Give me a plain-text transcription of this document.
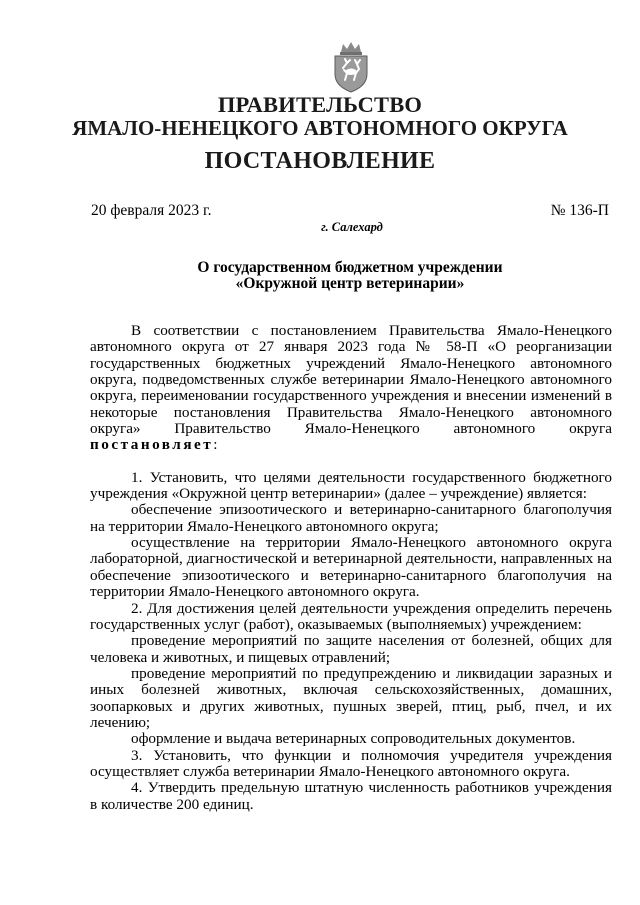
ПРАВИТЕЛЬСТВО
ЯМАЛО-НЕНЕЦКОГО АВТОНОМНОГО ОКРУГА
ПОСТАНОВЛЕНИЕ
20 февраля 2023 г.	№ 136-П
г. Салехард
О государственном бюджетном учреждении
«Окружной центр ветеринарии»

В соответствии с постановлением Правительства Ямало-Ненецкого автономного округа от 27 января 2023 года № 58-П «О реорганизации государственных бюджетных учреждений Ямало-Ненецкого автономного округа, подведомственных службе ветеринарии Ямало-Ненецкого автономного округа, переименовании государственного учреждения и внесении изменений в некоторые постановления Правительства Ямало-Ненецкого автономного округа» Правительство Ямало-Ненецкого автономного округа постановляет:

1. Установить, что целями деятельности государственного бюджетного учреждения «Окружной центр ветеринарии» (далее – учреждение) является:

обеспечение эпизоотического и ветеринарно-санитарного благополучия на территории Ямало-Ненецкого автономного округа;

осуществление на территории Ямало-Ненецкого автономного округа лабораторной, диагностической и ветеринарной деятельности, направленных на обеспечение эпизоотического и ветеринарно-санитарного благополучия на территории Ямало-Ненецкого автономного округа.

2. Для достижения целей деятельности учреждения определить перечень государственных услуг (работ), оказываемых (выполняемых) учреждением:

проведение мероприятий по защите населения от болезней, общих для человека и животных, и пищевых отравлений;

проведение мероприятий по предупреждению и ликвидации заразных и иных болезней животных, включая сельскохозяйственных, домашних, зоопарковых и других животных, пушных зверей, птиц, рыб, пчел, и их лечению;

оформление и выдача ветеринарных сопроводительных документов.

3. Установить, что функции и полномочия учредителя учреждения осуществляет служба ветеринарии Ямало-Ненецкого автономного округа.

4. Утвердить предельную штатную численность работников учреждения в количестве 200 единиц.
